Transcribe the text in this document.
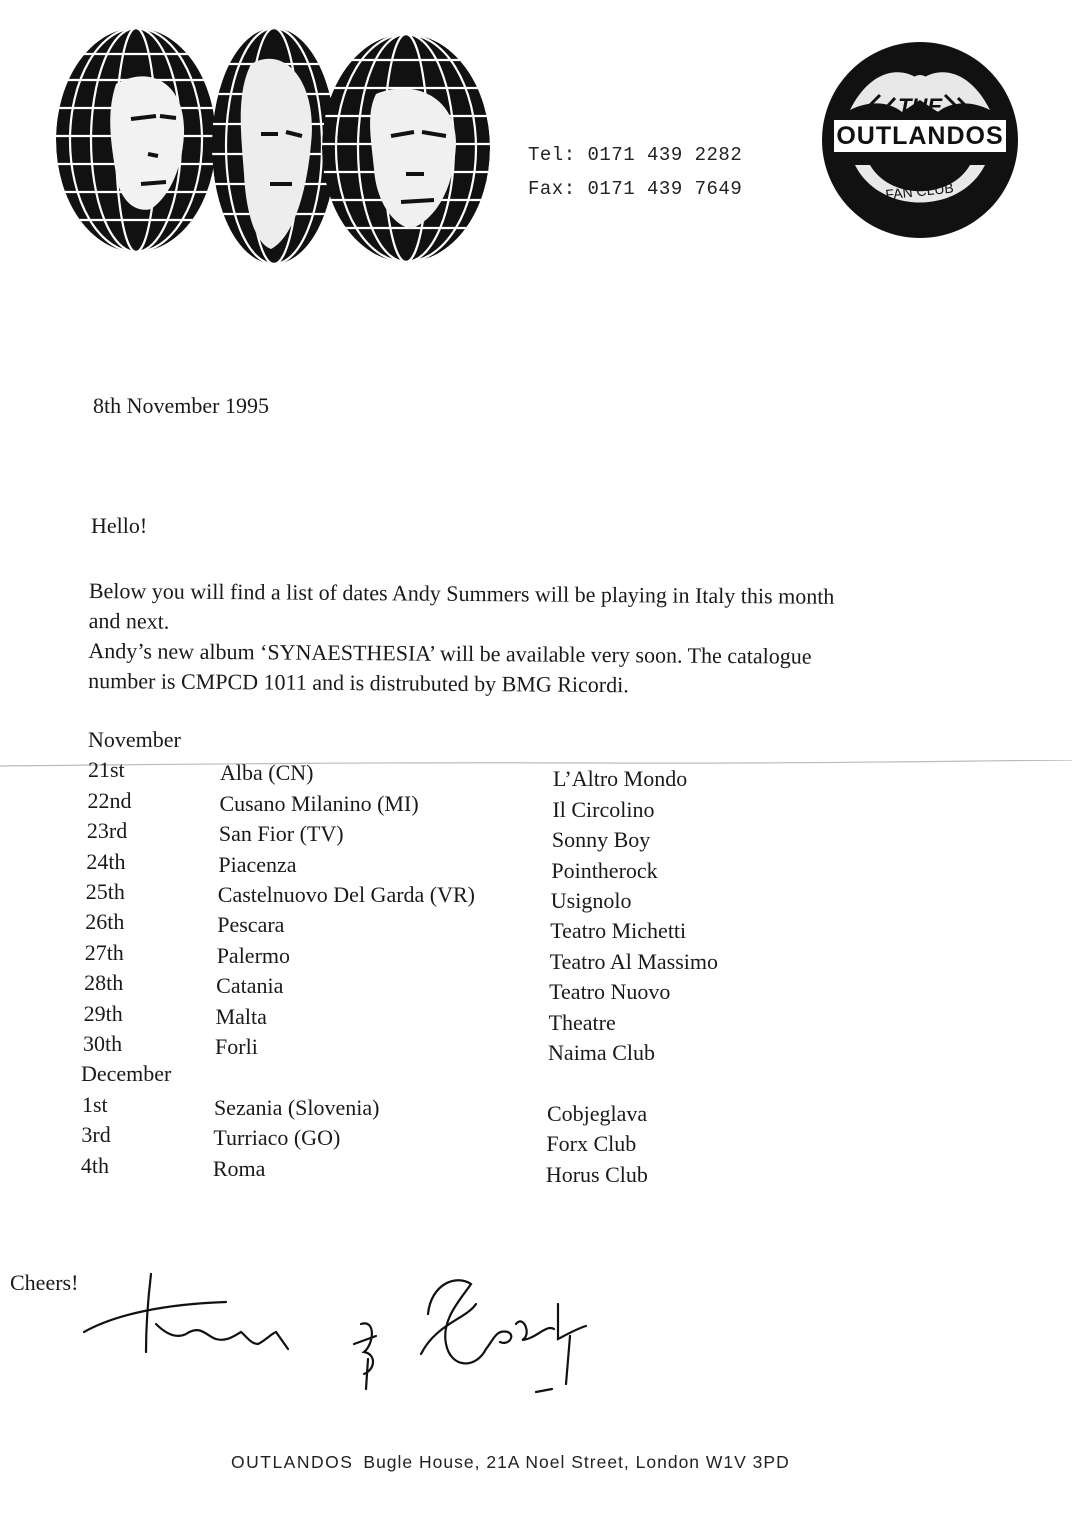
Tel: 0171 439 2282
Fax: 0171 439 7649
THE
OUTLANDOS
FAN CLUB
8th November 1995
Hello!

Below you will find a list of dates Andy Summers will be playing in Italy this month

and next.

Andy’s new album ‘SYNAESTHESIA’ will be available very soon. The catalogue

number is CMPCD 1011 and is distrubuted by BMG Ricordi.

November
21st	Alba (CN)	L’Altro Mondo
22nd	Cusano Milanino (MI)	Il Circolino
23rd	San Fior (TV)	Sonny Boy
24th	Piacenza	Pointherock
25th	Castelnuovo Del Garda (VR)	Usignolo
26th	Pescara	Teatro Michetti
27th	Palermo	Teatro Al Massimo
28th	Catania	Teatro Nuovo
29th	Malta	Theatre
30th	Forli	Naima Club
December
1st	Sezania (Slovenia)	Cobjeglava
3rd	Turriaco (GO)	Forx Club
4th	Roma	Horus Club
Cheers!
OUTLANDOS Bugle House, 21A Noel Street, London W1V 3PD
